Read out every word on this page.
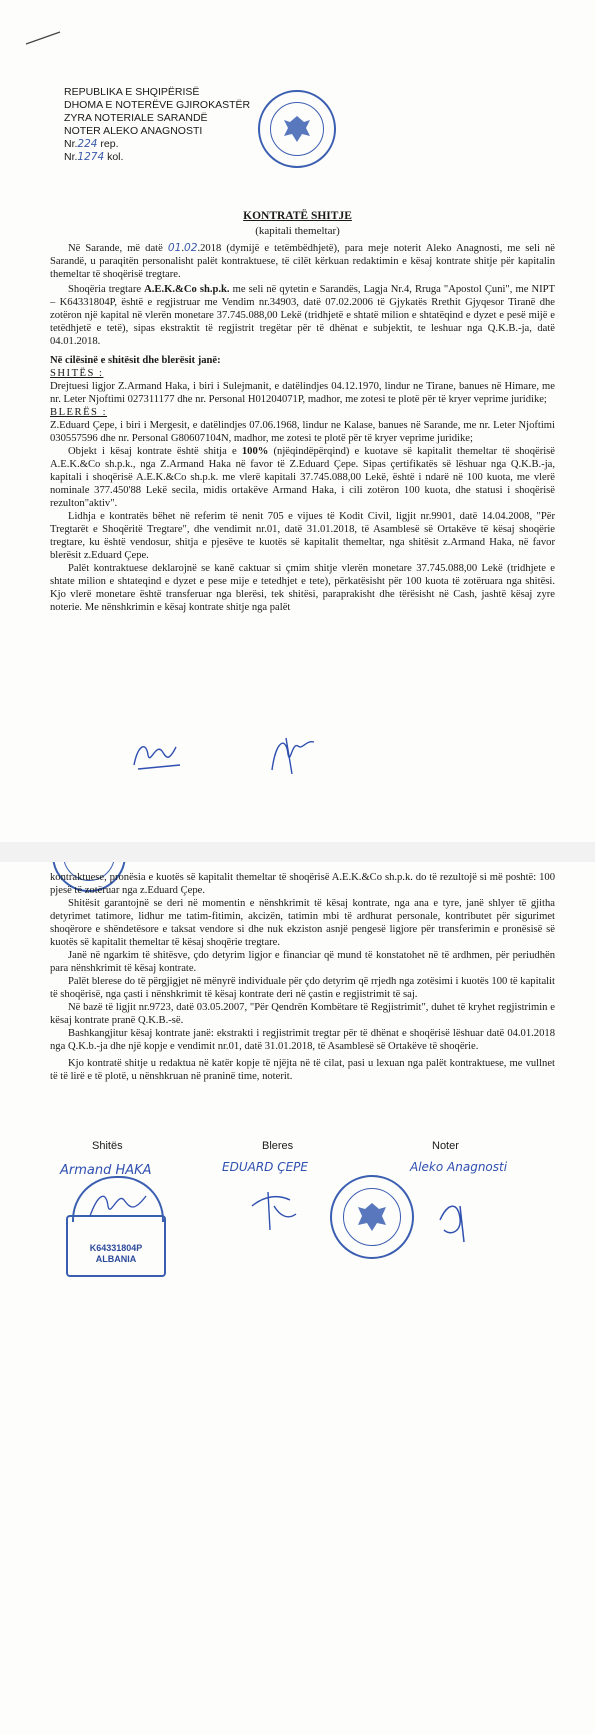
REPUBLIKA E SHQIPËRISË
DHOMA E NOTERËVE GJIROKASTËR
ZYRA NOTERIALE SARANDË
NOTER ALEKO ANAGNOSTI
Nr.224 rep.
Nr.1274 kol.
KONTRATË SHITJE
(kapitali themeltar)

Në Sarande, më datë 01.02.2018 (dymijë e tetëmbëdhjetë), para meje noterit Aleko Anagnosti, me seli në Sarandë, u paraqitën personalisht palët kontraktuese, të cilët kërkuan redaktimin e kësaj kontrate shitje për kapitalin themeltar të shoqërisë tregtare.

Shoqëria tregtare A.E.K.&Co sh.p.k. me seli në qytetin e Sarandës, Lagja Nr.4, Rruga "Apostol Çuni", me NIPT – K64331804P, është e regjistruar me Vendim nr.34903, datë 07.02.2006 të Gjykatës Rrethit Gjyqesor Tiranë dhe zotëron një kapital në vlerën monetare 37.745.088,00 Lekë (tridhjetë e shtatë milion e shtatëqind e dyzet e pesë mijë e tetëdhjetë e tetë), sipas ekstraktit të regjistrit tregëtar për të dhënat e subjektit, te leshuar nga Q.K.B.-ja, datë 04.01.2018.

Në cilësinë e shitësit dhe blerësit janë:

SHITËS :

Drejtuesi ligjor Z.Armand Haka, i biri i Sulejmanit, e datëlindjes 04.12.1970, lindur ne Tirane, banues në Himare, me nr. Leter Njoftimi 027311177 dhe nr. Personal H01204071P, madhor, me zotesi te plotë për të kryer veprime juridike;

BLERËS :

Z.Eduard Çepe, i biri i Mergesit, e datëlindjes 07.06.1968, lindur ne Kalase, banues në Sarande, me nr. Leter Njoftimi 030557596 dhe nr. Personal G80607104N, madhor, me zotesi te plotë për të kryer veprime juridike;

Objekt i kësaj kontrate është shitja e 100% (njëqindëpërqind) e kuotave së kapitalit themeltar të shoqërisë A.E.K.&Co sh.p.k., nga Z.Armand Haka në favor të Z.Eduard Çepe. Sipas çertifikatës së lëshuar nga Q.K.B.-ja, kapitali i shoqërisë A.E.K.&Co sh.p.k. me vlerë kapitali 37.745.088,00 Lekë, është i ndarë në 100 kuota, me vlerë nominale 377.450'88 Lekë secila, midis ortakëve Armand Haka, i cili zotëron 100 kuota, dhe statusi i shoqërisë rezulton"aktiv".

Lidhja e kontratës bëhet në referim të nenit 705 e vijues të Kodit Civil, ligjit nr.9901, datë 14.04.2008, "Për Tregtarët e Shoqëritë Tregtare", dhe vendimit nr.01, datë 31.01.2018, të Asamblesë së Ortakëve të kësaj shoqërie tregtare, ku është vendosur, shitja e pjesëve te kuotës së kapitalit themeltar, nga shitësit z.Armand Haka, në favor blerësit z.Eduard Çepe.

Palët kontraktuese deklarojnë se kanë caktuar si çmim shitje vlerën monetare 37.745.088,00 Lekë (tridhjete e shtate milion e shtateqind e dyzet e pese mije e tetedhjet e tete), përkatësisht për 100 kuota të zotëruara nga shitësi. Kjo vlerë monetare është transferuar nga blerësi, tek shitësi, paraprakisht dhe tërësisht në Cash, jashtë kësaj zyre noterie. Me nënshkrimin e kësaj kontrate shitje nga palët

kontraktuese, pronësia e kuotës së kapitalit themeltar të shoqërisë A.E.K.&Co sh.p.k. do të rezultojë si më poshtë: 100 pjesë të zotëruar nga z.Eduard Çepe.

Shitësit garantojnë se deri në momentin e nënshkrimit të kësaj kontrate, nga ana e tyre, janë shlyer të gjitha detyrimet tatimore, lidhur me tatim-fitimin, akcizën, tatimin mbi të ardhurat personale, kontributet për sigurimet shoqërore e shëndetësore e taksat vendore si dhe nuk ekziston asnjë pengesë ligjore për transferimin e pronësisë së kuotës së kapitalit themeltar të kësaj shoqërie tregtare.

Janë në ngarkim të shitësve, çdo detyrim ligjor e financiar që mund të konstatohet në të ardhmen, për periudhën para nënshkrimit të kësaj kontrate.

Palët blerese do të përgjigjet në mënyrë individuale për çdo detyrim që rrjedh nga zotësimi i kuotës 100 të kapitalit të shoqërisë, nga çasti i nënshkrimit të kësaj kontrate deri në çastin e regjistrimit të saj.

Në bazë të ligjit nr.9723, datë 03.05.2007, "Për Qendrën Kombëtare të Regjistrimit", duhet të kryhet regjistrimin e kësaj kontrate pranë Q.K.B.-së.

Bashkangjitur kësaj kontrate janë: ekstrakti i regjistrimit tregtar për të dhënat e shoqërisë lëshuar datë 04.01.2018 nga Q.K.b.-ja dhe një kopje e vendimit nr.01, datë 31.01.2018, të Asamblesë së Ortakëve të shoqërie.

Kjo kontratë shitje u redaktua në katër kopje të njëjta në të cilat, pasi u lexuan nga palët kontraktuese, me vullnet të të lirë e të plotë, u nënshkruan në praninë time, noterit.

Shitës	Bleres	Noter
Armand HAKA	EDUARD ÇEPE	Aleko Anagnosti
K64331804P
ALBANIA
